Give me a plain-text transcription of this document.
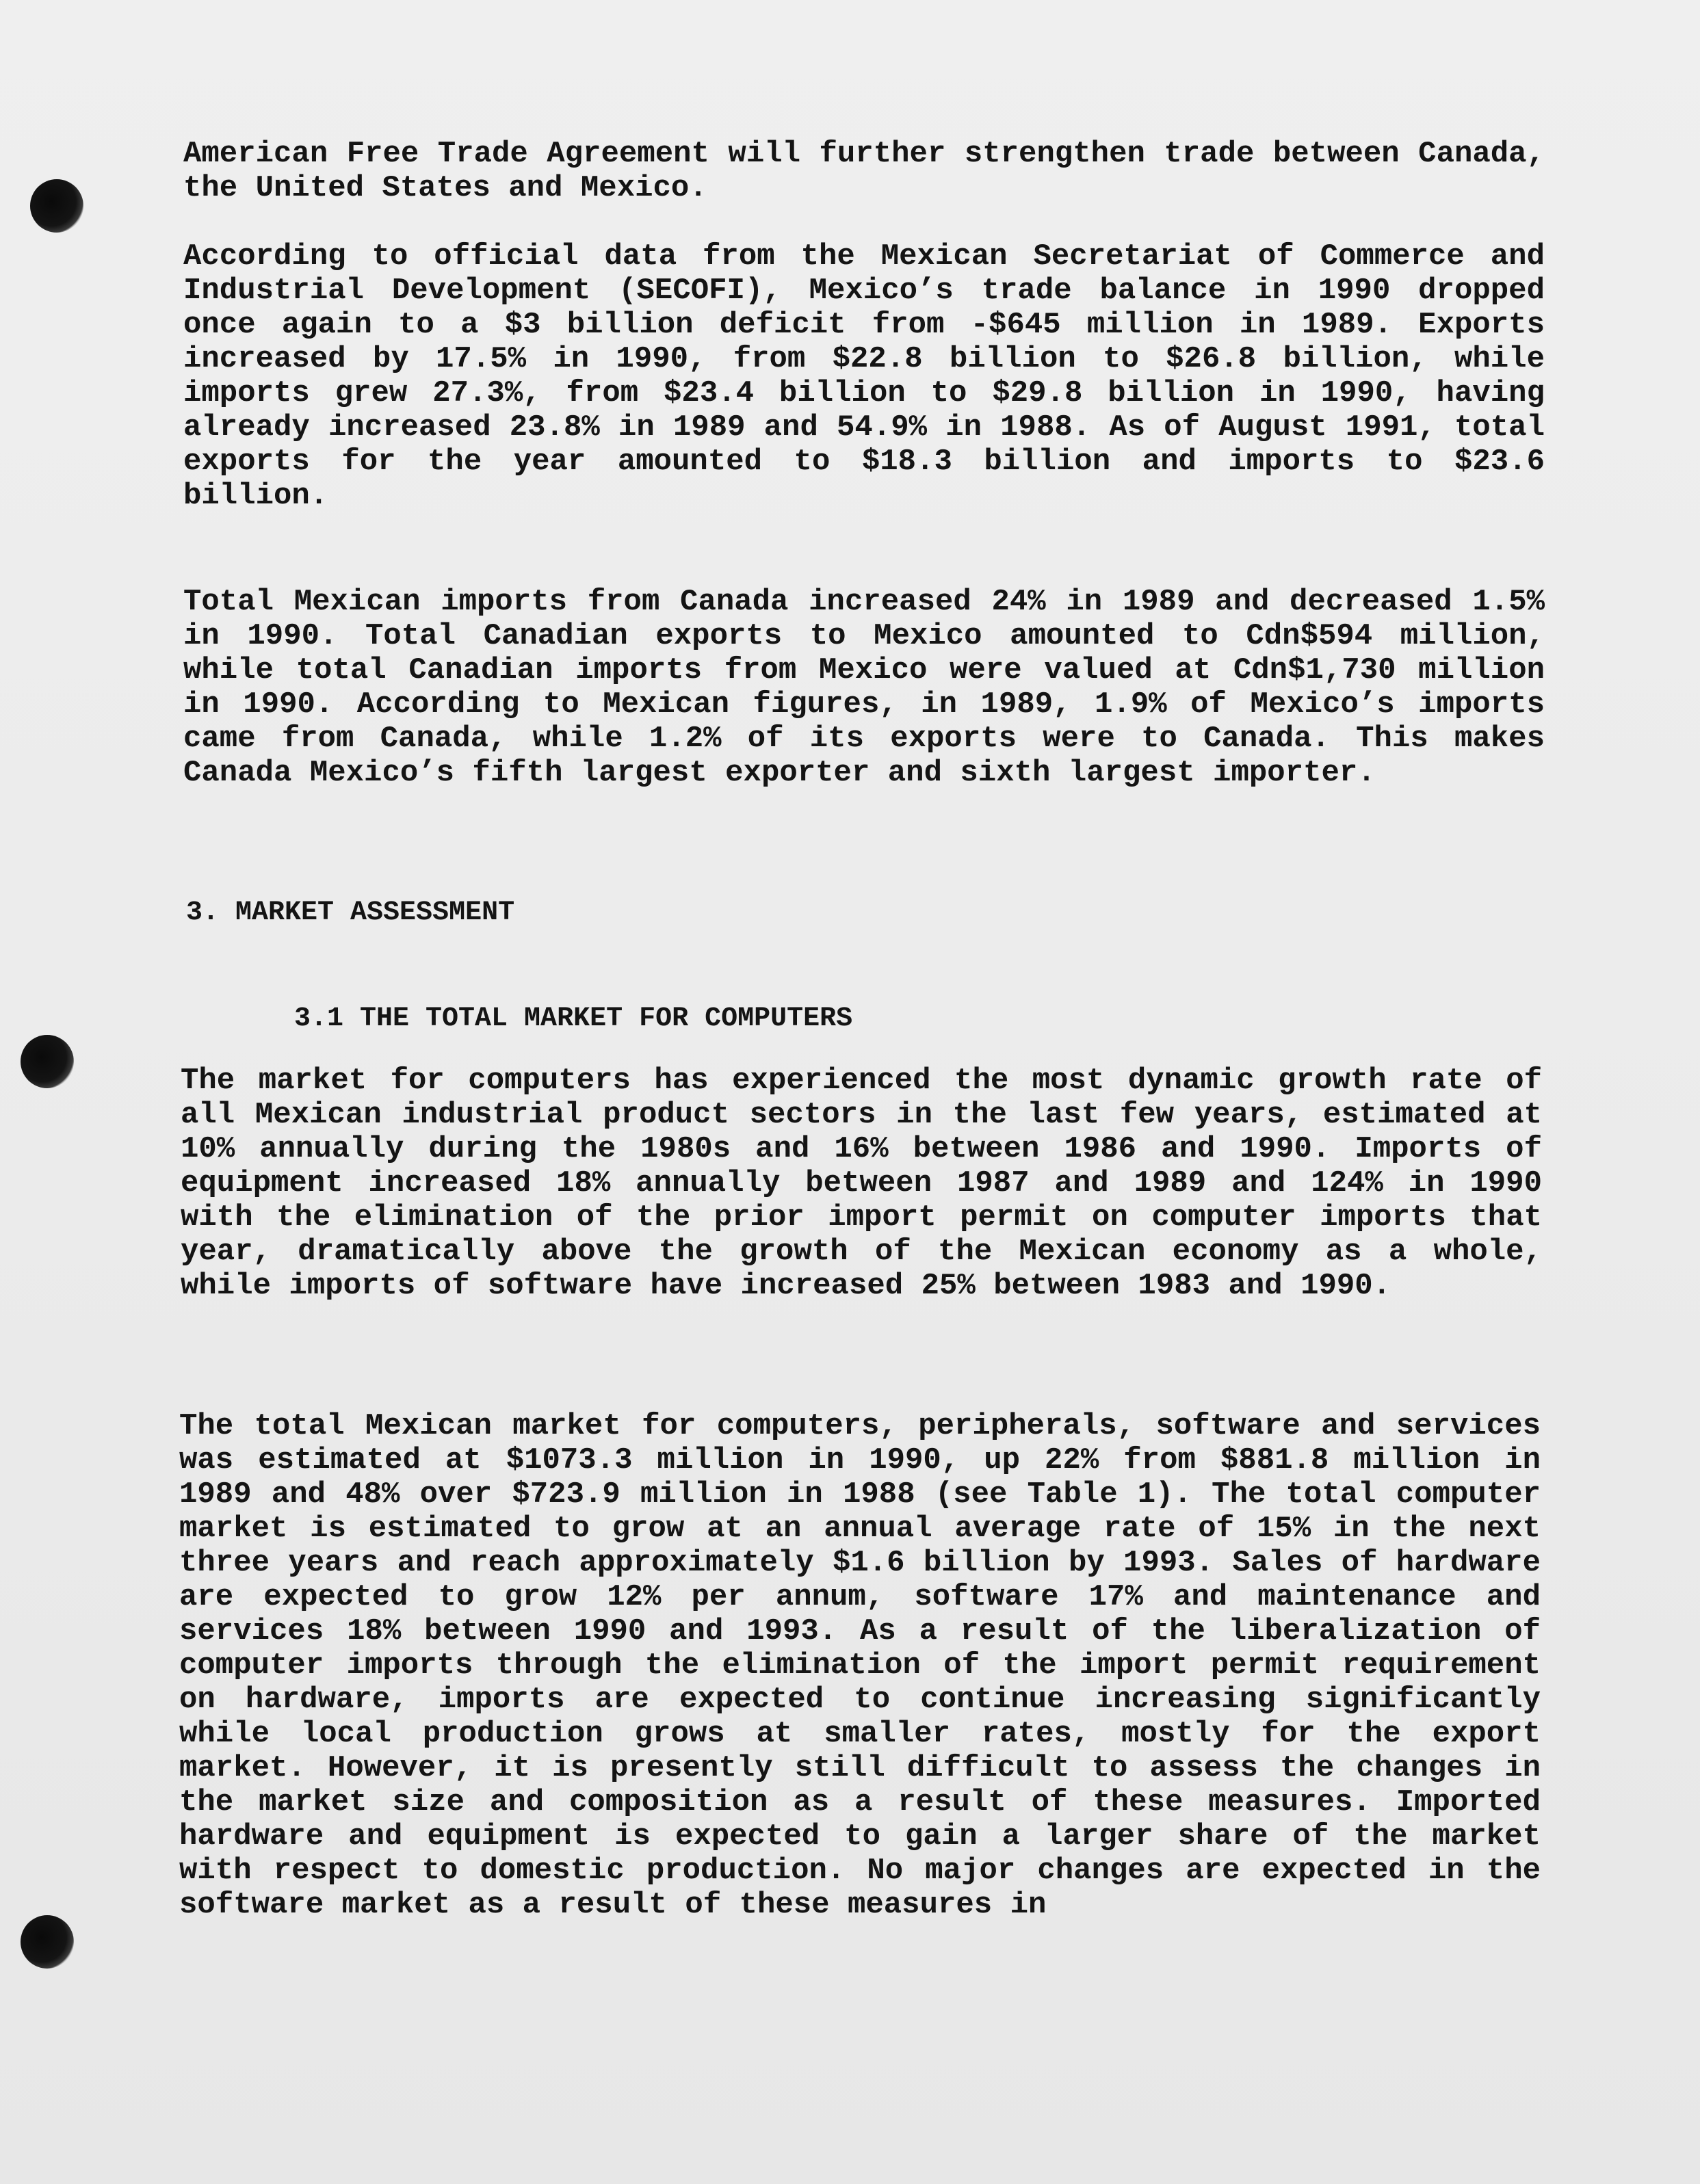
American Free Trade Agreement will further strengthen trade between Canada, the United States and Mexico.

According to official data from the Mexican Secretariat of Commerce and Industrial Development (SECOFI), Mexico’s trade balance in 1990 dropped once again to a $3 billion deficit from -$645 million in 1989. Exports increased by 17.5% in 1990, from $22.8 billion to $26.8 billion, while imports grew 27.3%, from $23.4 billion to $29.8 billion in 1990, having already increased 23.8% in 1989 and 54.9% in 1988. As of August 1991, total exports for the year amounted to $18.3 billion and imports to $23.6 billion.

Total Mexican imports from Canada increased 24% in 1989 and decreased 1.5% in 1990. Total Canadian exports to Mexico amounted to Cdn$594 million, while total Canadian imports from Mexico were valued at Cdn$1,730 million in 1990. According to Mexican figures, in 1989, 1.9% of Mexico’s imports came from Canada, while 1.2% of its exports were to Canada. This makes Canada Mexico’s fifth largest exporter and sixth largest importer.

3. MARKET ASSESSMENT
3.1 THE TOTAL MARKET FOR COMPUTERS

The market for computers has experienced the most dynamic growth rate of all Mexican industrial product sectors in the last few years, estimated at 10% annually during the 1980s and 16% between 1986 and 1990. Imports of equipment increased 18% annually between 1987 and 1989 and 124% in 1990 with the elimination of the prior import permit on computer imports that year, dramatically above the growth of the Mexican economy as a whole, while imports of software have increased 25% between 1983 and 1990.

The total Mexican market for computers, peripherals, software and services was estimated at $1073.3 million in 1990, up 22% from $881.8 million in 1989 and 48% over $723.9 million in 1988 (see Table 1). The total computer market is estimated to grow at an annual average rate of 15% in the next three years and reach approximately $1.6 billion by 1993. Sales of hardware are expected to grow 12% per annum, software 17% and maintenance and services 18% between 1990 and 1993. As a result of the liberalization of computer imports through the elimination of the import permit requirement on hardware, imports are expected to continue increasing significantly while local production grows at smaller rates, mostly for the export market. However, it is presently still difficult to assess the changes in the market size and composition as a result of these measures. Imported hardware and equipment is expected to gain a larger share of the market with respect to domestic production. No major changes are expected in the software market as a result of these measures in
